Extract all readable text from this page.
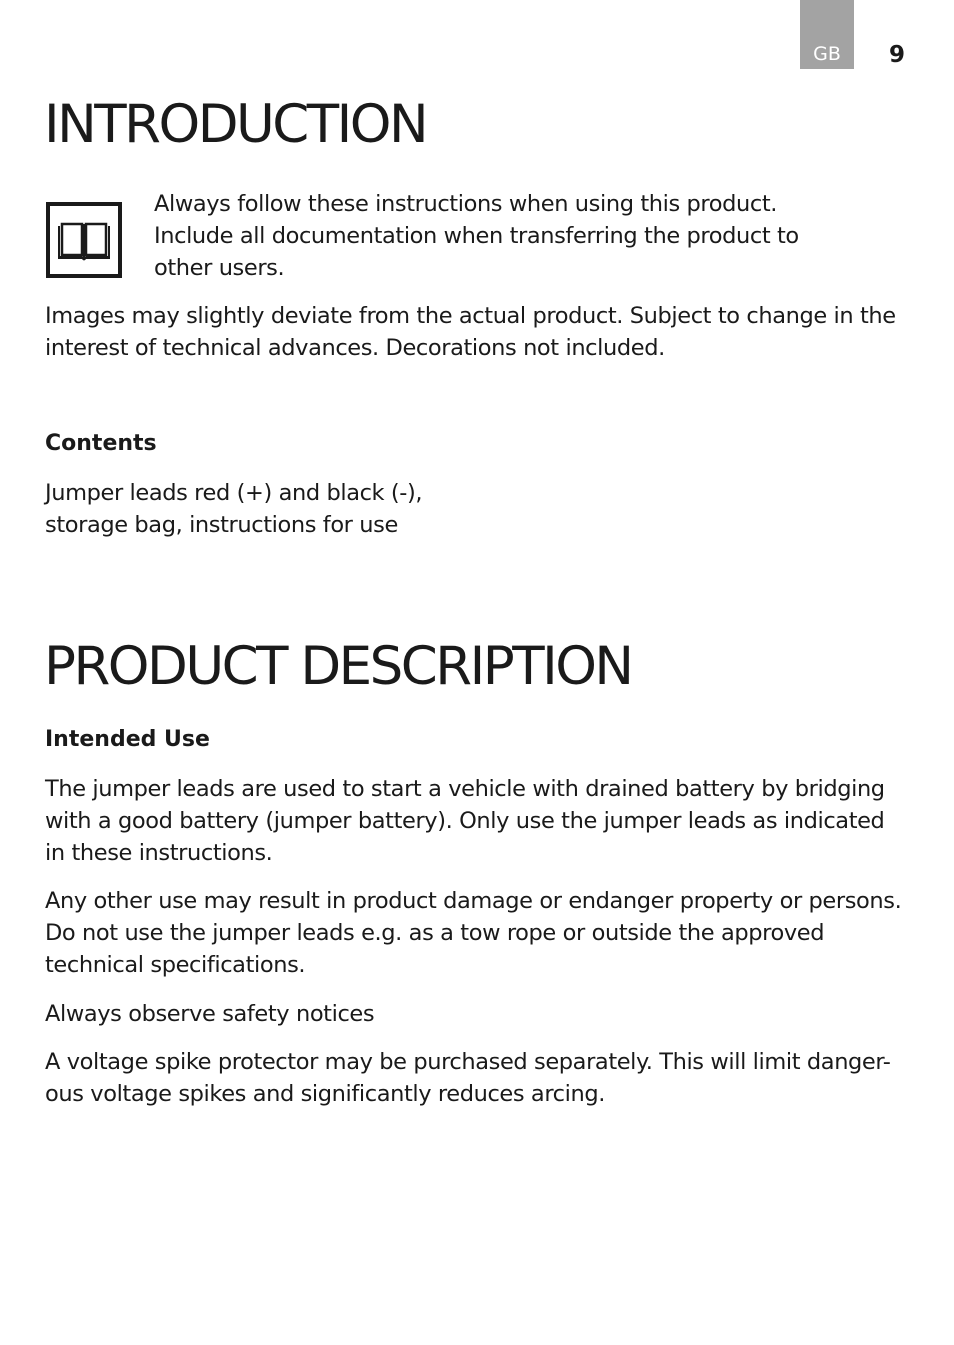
GB	9
INTRODUCTION
Always follow these instructions when using this product.
Include all documentation when transferring the product to
other users.
Images may slightly deviate from the actual product. Subject to change in the
interest of technical advances. Decorations not included.
Contents
Jumper leads red (+) and black (-),
storage bag, instructions for use
PRODUCT DESCRIPTION
Intended Use
The jumper leads are used to start a vehicle with drained battery by bridging
with a good battery (jumper battery). Only use the jumper leads as indicated
in these instructions.
Any other use may result in product damage or endanger property or persons.
Do not use the jumper leads e.g. as a tow rope or outside the approved
technical specifications.
Always observe safety notices
A voltage spike protector may be purchased separately. This will limit danger-
ous voltage spikes and significantly reduces arcing.
